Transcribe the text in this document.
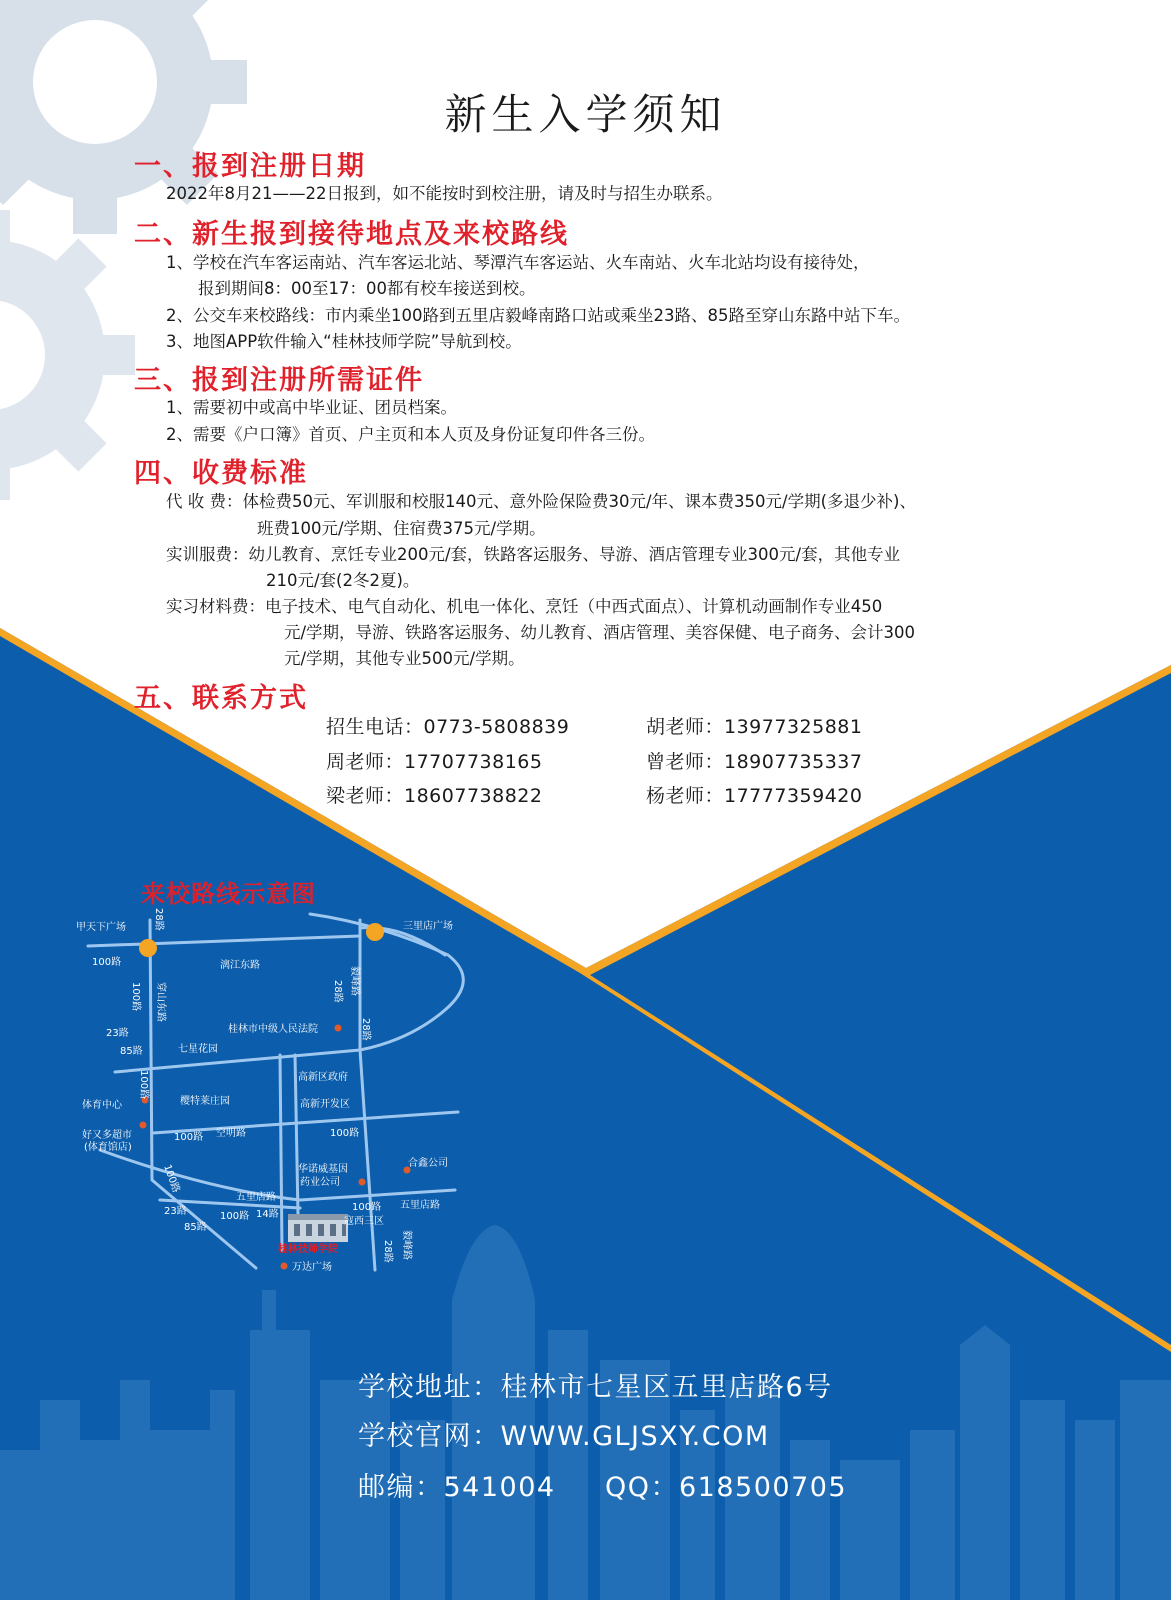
新生入学须知
一、报到注册日期
2022年8月21——22日报到，如不能按时到校注册，请及时与招生办联系。
二、新生报到接待地点及来校路线
1、学校在汽车客运南站、汽车客运北站、琴潭汽车客运站、火车南站、火车北站均设有接待处，
报到期间8：00至17：00都有校车接送到校。
2、公交车来校路线：市内乘坐100路到五里店毅峰南路口站或乘坐23路、85路至穿山东路中站下车。
3、地图APP软件输入“桂林技师学院”导航到校。
三、报到注册所需证件
1、需要初中或高中毕业证、团员档案。
2、需要《户口簿》首页、户主页和本人页及身份证复印件各三份。
四、收费标准
代 收 费：体检费50元、军训服和校服140元、意外险保险费30元/年、课本费350元/学期(多退少补)、
班费100元/学期、住宿费375元/学期。
实训服费：幼儿教育、烹饪专业200元/套，铁路客运服务、导游、酒店管理专业300元/套，其他专业
210元/套(2冬2夏)。
实习材料费：电子技术、电气自动化、机电一体化、烹饪（中西式面点）、计算机动画制作专业450
元/学期，导游、铁路客运服务、幼儿教育、酒店管理、美容保健、电子商务、会计300
元/学期，其他专业500元/学期。
五、联系方式
招生电话：0773-5808839	胡老师：13977325881
周老师：17707738165	曾老师：18907735337
梁老师：18607738822	杨老师：17777359420
来校路线示意图
甲天下广场	三里店广场
28路
100路	漓江东路
100路 穿山东路	28路 毅峰路
28路
桂林市中级人民法院
23路
85路	七星花园
高新区政府
100路
体育中心	樱特莱庄园	高新开发区
好又多超市
(体育馆店)
100路 空明路	100路
合鑫公司
100路	华诺威基因
药业公司
五里店路
100路 五里店路
23路	100路 14路
85路
寇西三区
桂林技师学院	28路 毅峰路
万达广场
学校地址：桂林市七星区五里店路6号
学校官网：WWW.GLJSXY.COM
邮编：541004 QQ：618500705
